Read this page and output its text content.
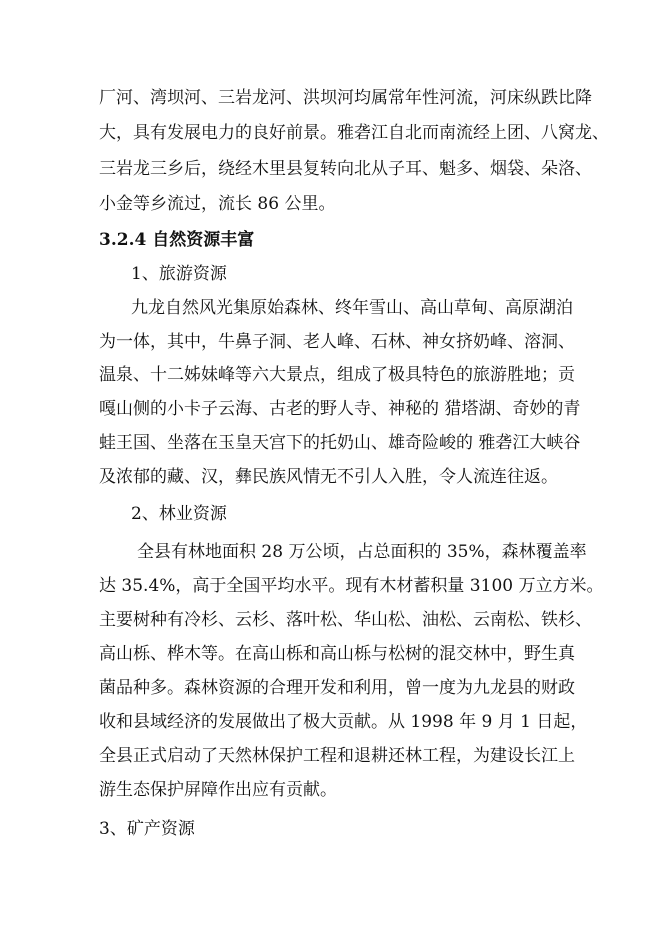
厂河、湾坝河、三岩龙河、洪坝河均属常年性河流，河床纵跌比降
大，具有发展电力的良好前景。雅砻江自北而南流经上团、八窝龙、
三岩龙三乡后，绕经木里县复转向北从子耳、魁多、烟袋、朵洛、
小金等乡流过，流长 86 公里。
3.2.4 自然资源丰富
1、旅游资源
九龙自然风光集原始森林、终年雪山、高山草甸、高原湖泊
为一体，其中，牛鼻子洞、老人峰、石林、神女挤奶峰、溶洞、
温泉、十二姊妹峰等六大景点，组成了极具特色的旅游胜地；贡
嘎山侧的小卡子云海、古老的野人寺、神秘的 猎塔湖、奇妙的青
蛙王国、坐落在玉皇天宫下的托奶山、雄奇险峻的 雅砻江大峡谷
及浓郁的藏、汉，彝民族风情无不引人入胜，令人流连往返。
2、林业资源
全县有林地面积 28 万公顷，占总面积的 35%，森林覆盖率
达 35.4%，高于全国平均水平。现有木材蓄积量 3100 万立方米。
主要树种有冷杉、云杉、落叶松、华山松、油松、云南松、铁杉、
高山栎、桦木等。在高山栎和高山栎与松树的混交林中，野生真
菌品种多。森林资源的合理开发和利用，曾一度为九龙县的财政
收和县域经济的发展做出了极大贡献。从 1998 年 9 月 1 日起，
全县正式启动了天然林保护工程和退耕还林工程，为建设长江上
游生态保护屏障作出应有贡献。
3、矿产资源
